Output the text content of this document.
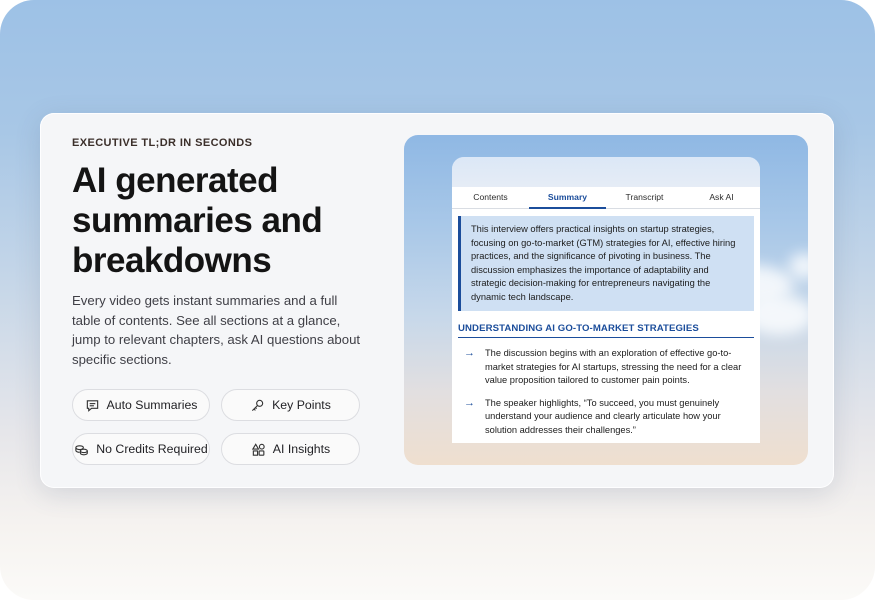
EXECUTIVE TL;DR IN SECONDS
AI generated
summaries and
breakdowns

Every video gets instant summaries and a full table of contents. See all sections at a glance, jump to relevant chapters, ask AI questions about specific sections.

Auto Summaries	Key Points
No Credits Required	AI Insights
Contents	Summary	Transcript	Ask AI
This interview offers practical insights on startup strategies, focusing on go-to-market (GTM) strategies for AI, effective hiring practices, and the significance of pivoting in business. The discussion emphasizes the importance of adaptability and strategic decision-making for entrepreneurs navigating the dynamic tech landscape.
UNDERSTANDING AI GO-TO-MARKET STRATEGIES
→ The discussion begins with an exploration of effective go-to-market strategies for AI startups, stressing the need for a clear value proposition tailored to customer pain points.
→ The speaker highlights, “To succeed, you must genuinely understand your audience and clearly articulate how your solution addresses their challenges.”
